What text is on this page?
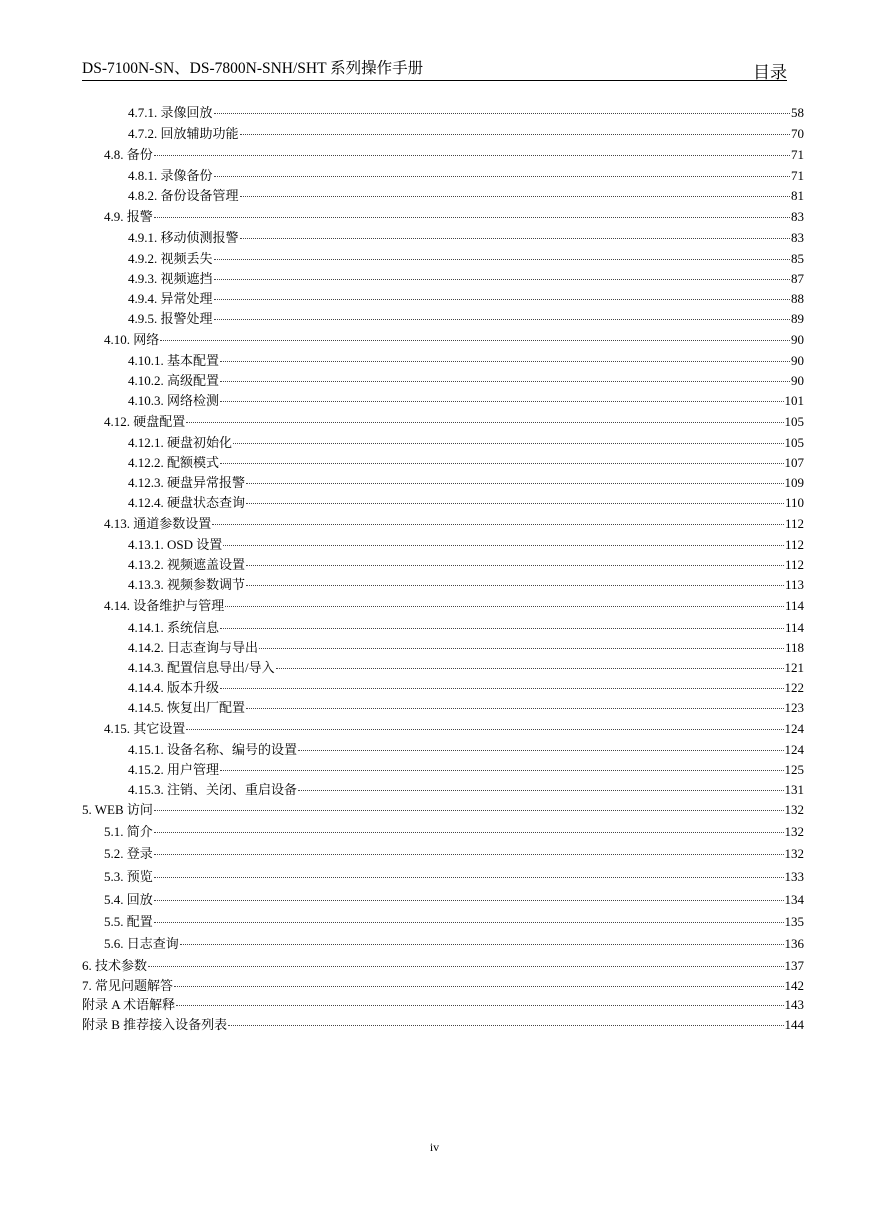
DS-7100N-SN、DS-7800N-SNH/SHT 系列操作手册	目录
4.7.1. 录像回放	58
4.7.2. 回放辅助功能	70
4.8. 备份	71
4.8.1. 录像备份	71
4.8.2. 备份设备管理	81
4.9. 报警	83
4.9.1. 移动侦测报警	83
4.9.2. 视频丢失	85
4.9.3. 视频遮挡	87
4.9.4. 异常处理	88
4.9.5. 报警处理	89
4.10. 网络	90
4.10.1. 基本配置	90
4.10.2. 高级配置	90
4.10.3. 网络检测	101
4.12. 硬盘配置	105
4.12.1. 硬盘初始化	105
4.12.2. 配额模式	107
4.12.3. 硬盘异常报警	109
4.12.4. 硬盘状态查询	110
4.13. 通道参数设置	112
4.13.1. OSD 设置	112
4.13.2. 视频遮盖设置	112
4.13.3. 视频参数调节	113
4.14. 设备维护与管理	114
4.14.1. 系统信息	114
4.14.2. 日志查询与导出	118
4.14.3. 配置信息导出/导入	121
4.14.4. 版本升级	122
4.14.5. 恢复出厂配置	123
4.15. 其它设置	124
4.15.1. 设备名称、编号的设置	124
4.15.2. 用户管理	125
4.15.3. 注销、关闭、重启设备	131
5. WEB 访问	132
5.1. 简介	132
5.2. 登录	132
5.3. 预览	133
5.4. 回放	134
5.5. 配置	135
5.6. 日志查询	136
6. 技术参数	137
7. 常见问题解答	142
附录 A 术语解释	143
附录 B 推荐接入设备列表	144
iv
